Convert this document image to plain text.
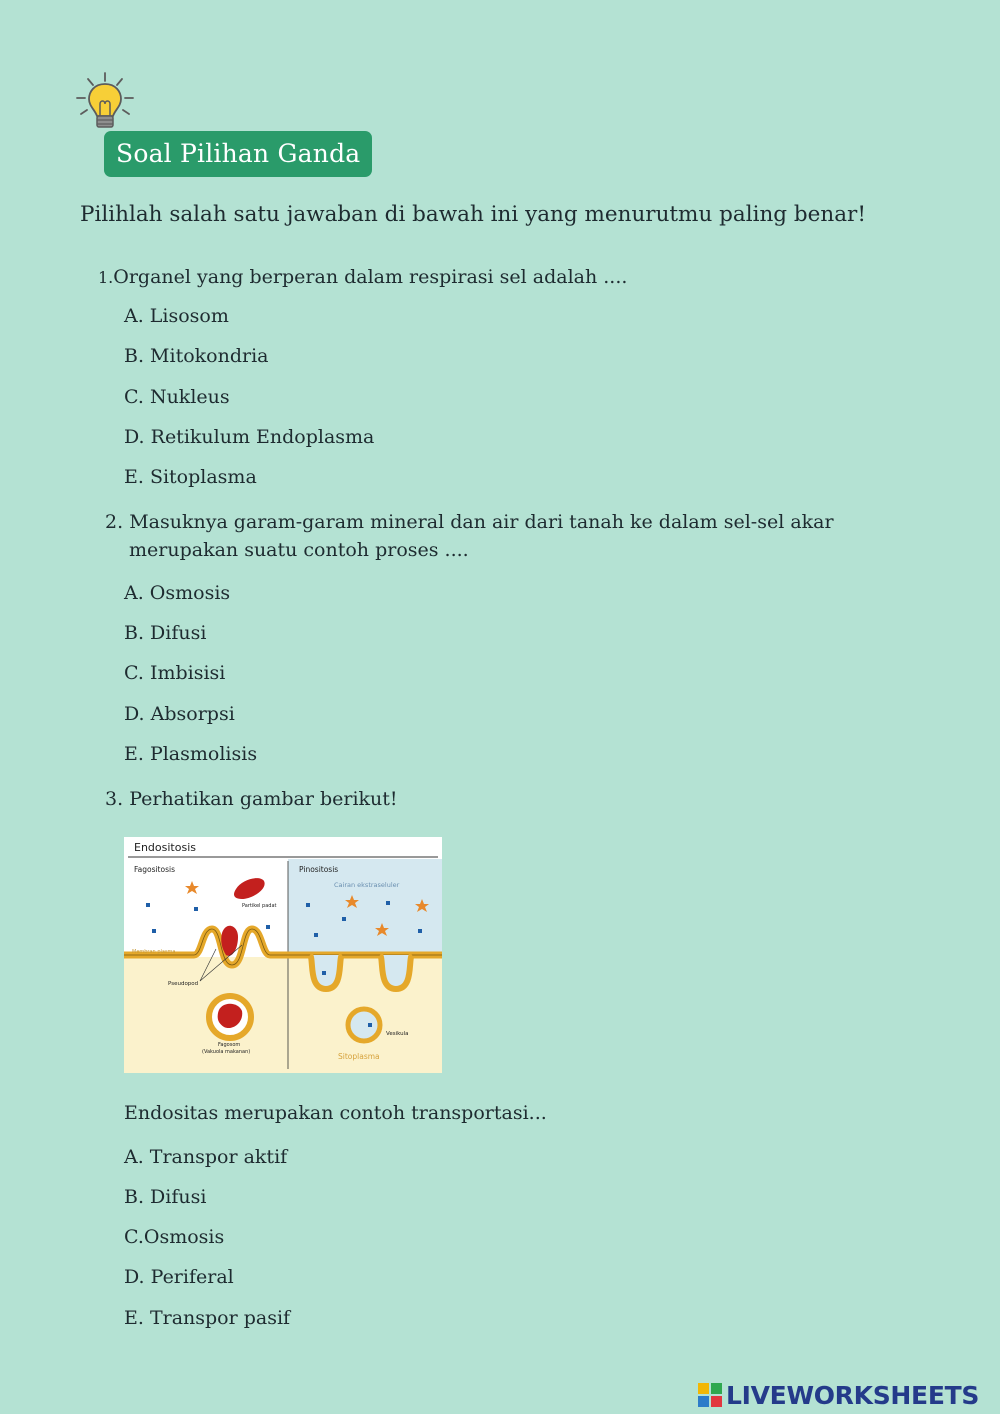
Soal Pilihan Ganda
Pilihlah salah satu jawaban di bawah ini yang menurutmu paling benar!
1.Organel yang berperan dalam respirasi sel adalah ....
A. Lisosom
B. Mitokondria
C. Nukleus
D. Retikulum Endoplasma
E. Sitoplasma
2. Masuknya garam-garam mineral dan air dari tanah ke dalam sel-sel akar
merupakan suatu contoh proses ....
A. Osmosis
B. Difusi
C. Imbisisi
D. Absorpsi
E. Plasmolisis
3. Perhatikan gambar berikut!
Endositosis
Fagositosis	Pinositosis
Cairan ekstraseluler
Partikel padat
Membran plasma
Pseudopod
Fagosom
(Vakuola makanan)
Vesikula
Sitoplasma
Endositas merupakan contoh transportasi...
A. Transpor aktif
B. Difusi
C.Osmosis
D. Periferal
E. Transpor pasif
LIVEWORKSHEETS
